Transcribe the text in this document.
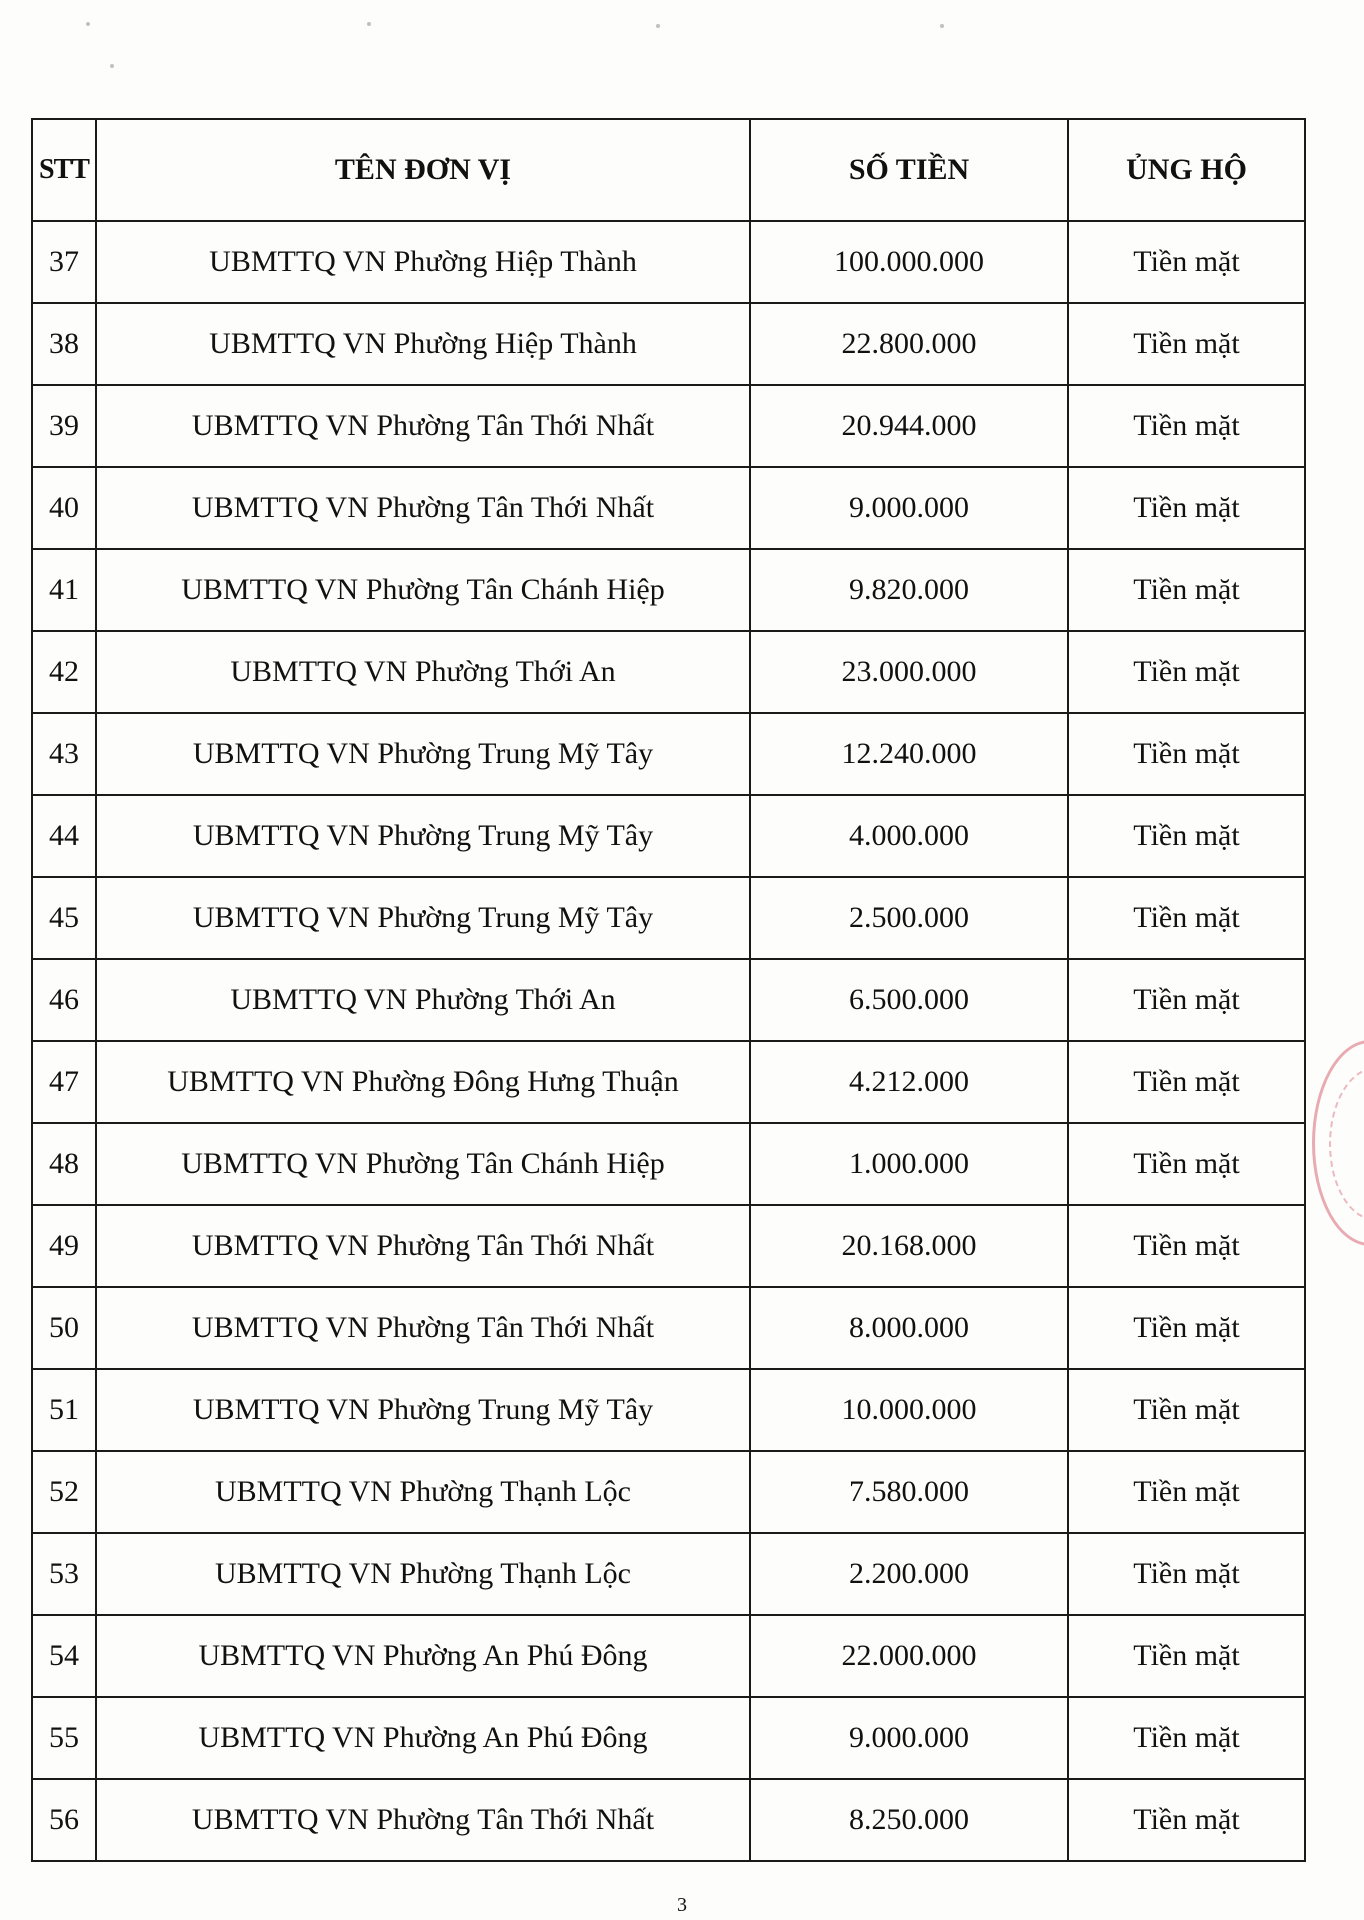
STT	TÊN ĐƠN VỊ	SỐ TIỀN	ỦNG HỘ
37	UBMTTQ VN Phường Hiệp Thành	100.000.000	Tiền mặt
38	UBMTTQ VN Phường Hiệp Thành	22.800.000	Tiền mặt
39	UBMTTQ VN Phường Tân Thới Nhất	20.944.000	Tiền mặt
40	UBMTTQ VN Phường Tân Thới Nhất	9.000.000	Tiền mặt
41	UBMTTQ VN Phường Tân Chánh Hiệp	9.820.000	Tiền mặt
42	UBMTTQ VN Phường Thới An	23.000.000	Tiền mặt
43	UBMTTQ VN Phường Trung Mỹ Tây	12.240.000	Tiền mặt
44	UBMTTQ VN Phường Trung Mỹ Tây	4.000.000	Tiền mặt
45	UBMTTQ VN Phường Trung Mỹ Tây	2.500.000	Tiền mặt
46	UBMTTQ VN Phường Thới An	6.500.000	Tiền mặt
47	UBMTTQ VN Phường Đông Hưng Thuận	4.212.000	Tiền mặt
48	UBMTTQ VN Phường Tân Chánh Hiệp	1.000.000	Tiền mặt
49	UBMTTQ VN Phường Tân Thới Nhất	20.168.000	Tiền mặt
50	UBMTTQ VN Phường Tân Thới Nhất	8.000.000	Tiền mặt
51	UBMTTQ VN Phường Trung Mỹ Tây	10.000.000	Tiền mặt
52	UBMTTQ VN Phường Thạnh Lộc	7.580.000	Tiền mặt
53	UBMTTQ VN Phường Thạnh Lộc	2.200.000	Tiền mặt
54	UBMTTQ VN Phường An Phú Đông	22.000.000	Tiền mặt
55	UBMTTQ VN Phường An Phú Đông	9.000.000	Tiền mặt
56	UBMTTQ VN Phường Tân Thới Nhất	8.250.000	Tiền mặt
3
